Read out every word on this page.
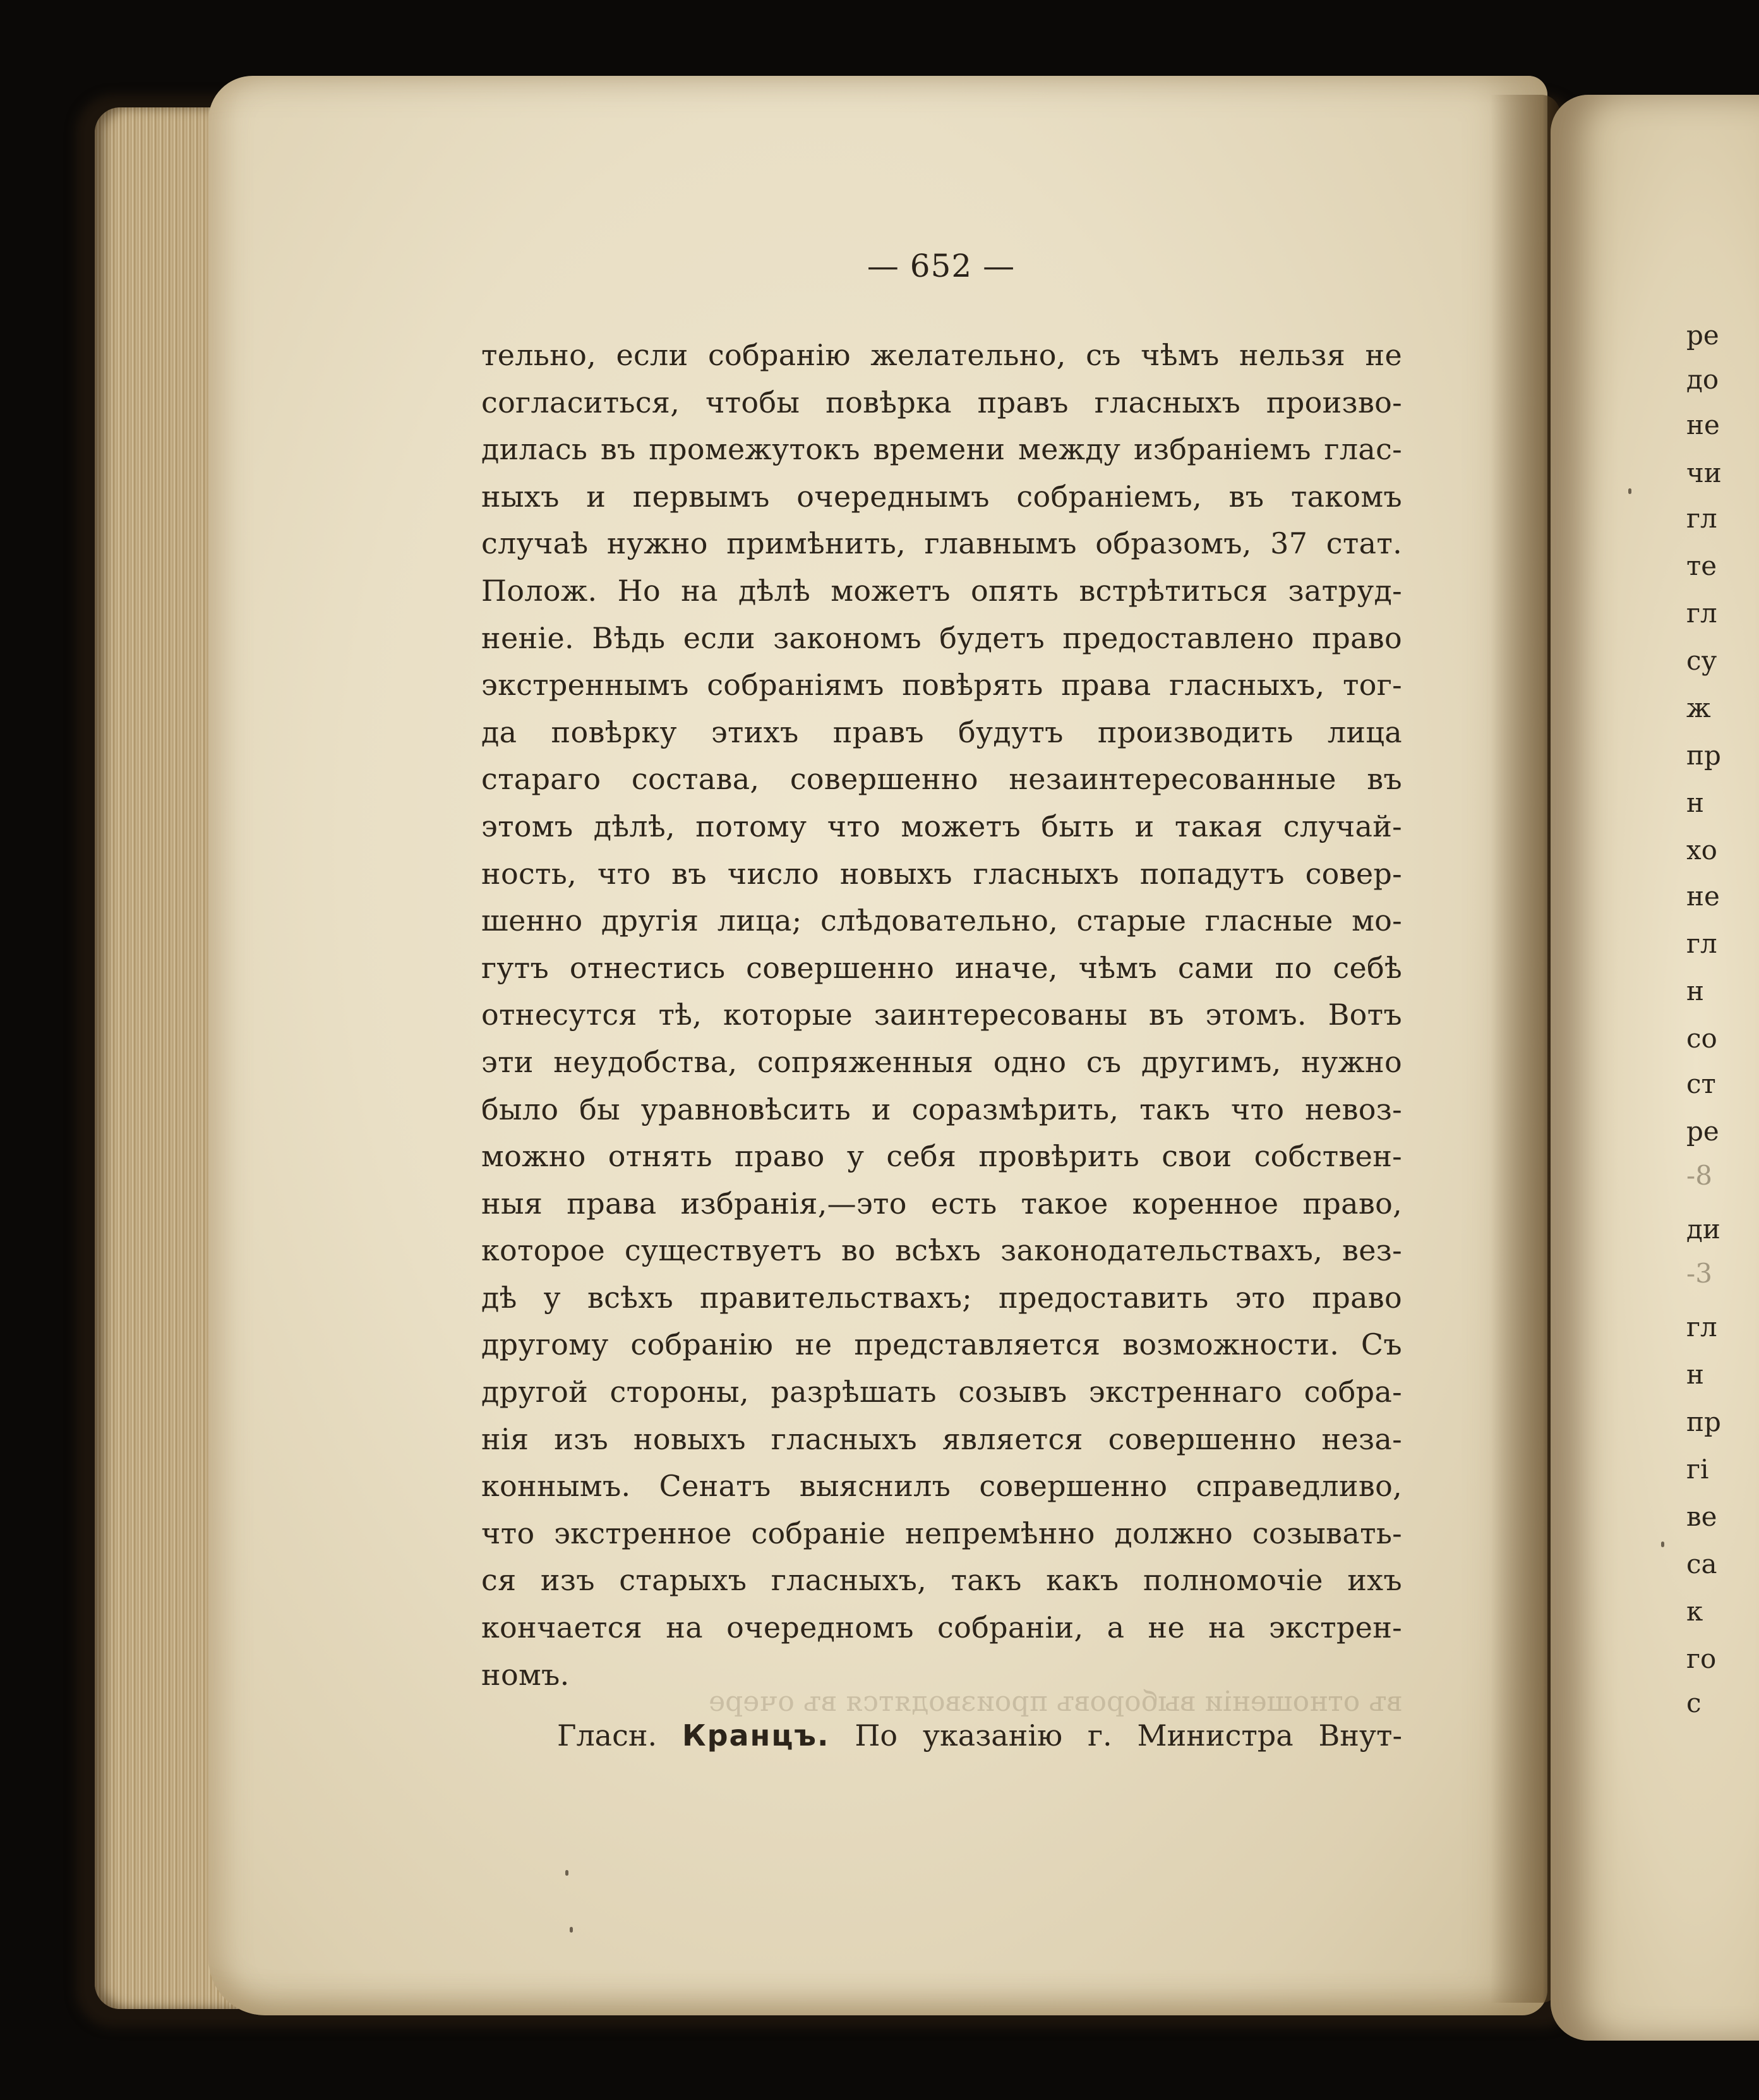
ре
до
не
чи
гл
те
гл
су
ж
пр
н
хо
не
гл
н
со
ст
ре
-8
ди
-3
гл
н
пр
гі
ве
са
к
го
с
— 652 —
тельно, если собранію желательно, съ чѣмъ нельзя не
согласиться, чтобы повѣрка правъ гласныхъ произво-
дилась въ промежутокъ времени между избраніемъ глас-
ныхъ и первымъ очереднымъ собраніемъ, въ такомъ
случаѣ нужно примѣнить, главнымъ образомъ, 37 стат.
Полож. Но на дѣлѣ можетъ опять встрѣтиться затруд-
неніе. Вѣдь если закономъ будетъ предоставлено право
экстреннымъ собраніямъ повѣрять права гласныхъ, тог-
да повѣрку этихъ правъ будутъ производить лица
стараго состава, совершенно незаинтересованные въ
этомъ дѣлѣ, потому что можетъ быть и такая случай-
ность, что въ число новыхъ гласныхъ попадутъ совер-
шенно другія лица; слѣдовательно, старые гласные мо-
гутъ отнестись совершенно иначе, чѣмъ сами по себѣ
отнесутся тѣ, которые заинтересованы въ этомъ. Вотъ
эти неудобства, сопряженныя одно съ другимъ, нужно
было бы уравновѣсить и соразмѣрить, такъ что невоз-
можно отнять право у себя провѣрить свои собствен-
ныя права избранія,—это есть такое коренное право,
которое существуетъ во всѣхъ законодательствахъ, вез-
дѣ у всѣхъ правительствахъ; предоставить это право
другому собранію не представляется возможности. Съ
другой стороны, разрѣшать созывъ экстреннаго собра-
нія изъ новыхъ гласныхъ является совершенно неза-
коннымъ. Сенатъ выяснилъ совершенно справедливо,
что экстренное собраніе непремѣнно должно созывать-
ся изъ старыхъ гласныхъ, такъ какъ полномочіе ихъ
кончается на очередномъ собраніи, а не на экстрен-
номъ.
Гласн. Кранцъ. По указанію г. Министра Внут-
въ отношеніи выборовъ производятся въ очере
